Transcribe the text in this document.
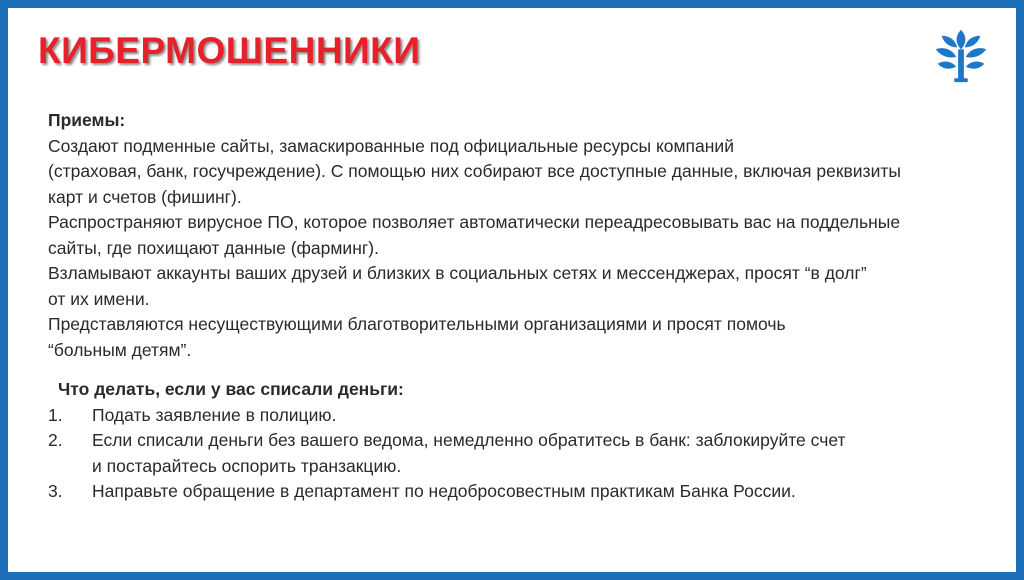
КИБЕРМОШЕННИКИ

Приемы:

Создают подменные сайты, замаскированные под официальные ресурсы компаний

(страховая, банк, госучреждение). С помощью них собирают все доступные данные, включая реквизиты

карт и счетов (фишинг).

Распространяют вирусное ПО, которое позволяет автоматически переадресовывать вас на поддельные

сайты, где похищают данные (фарминг).

Взламывают аккаунты ваших друзей и близких в социальных сетях и мессенджерах, просят “в долг”

от их имени.

Представляются несуществующими благотворительными организациями и просят помочь

“больным детям”.

Что делать, если у вас списали деньги:

1.	Подать заявление в полицию.
2.	Если списали деньги без вашего ведома, немедленно обратитесь в банк: заблокируйте счет
и постарайтесь оспорить транзакцию.
3.	Направьте обращение в департамент по недобросовестным практикам Банка России.
